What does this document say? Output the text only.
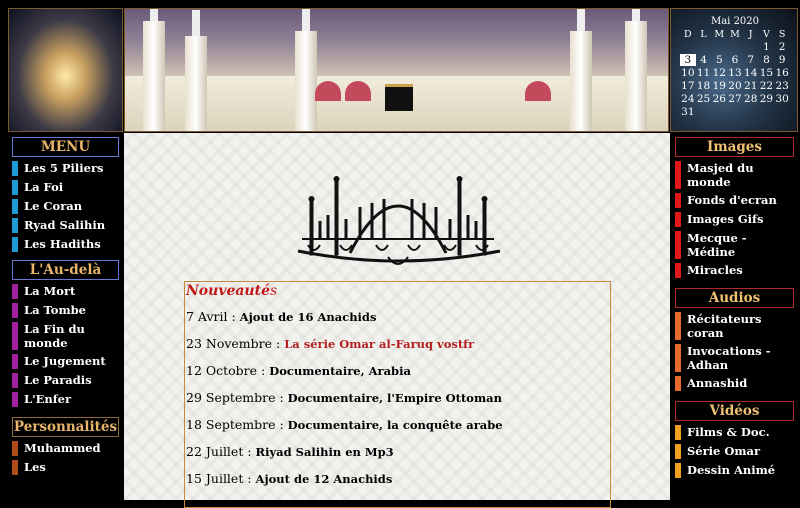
Mai 2020
D L M M J	V S
1 2
3 4 5 6 7 8 9
10 11 12 13 14 15 16
17 18 19 20 21 22 23
24 25 26 27 28 29 30
31
MENU
Les 5 Piliers
La Foi
Le Coran
Ryad Salihin
Les Hadiths
L'Au-delà
La Mort
La Tombe
La Fin du monde
Le Jugement
Le Paradis
L'Enfer
Personnalités
Muhammed
Les
Nouveautés
7 Avril : Ajout de 16 Anachids
23 Novembre : La série Omar al-Faruq vostfr
12 Octobre : Documentaire, Arabia
29 Septembre : Documentaire, l'Empire Ottoman
18 Septembre : Documentaire, la conquête arabe
22 Juillet : Riyad Salihin en Mp3
15 Juillet : Ajout de 12 Anachids
Images
Masjed du monde
Fonds d'ecran
Images Gifs
Mecque - Médine
Miracles
Audios
Récitateurs coran
Invocations - Adhan
Annashid
Vidéos
Films & Doc.
Série Omar
Dessin Animé
